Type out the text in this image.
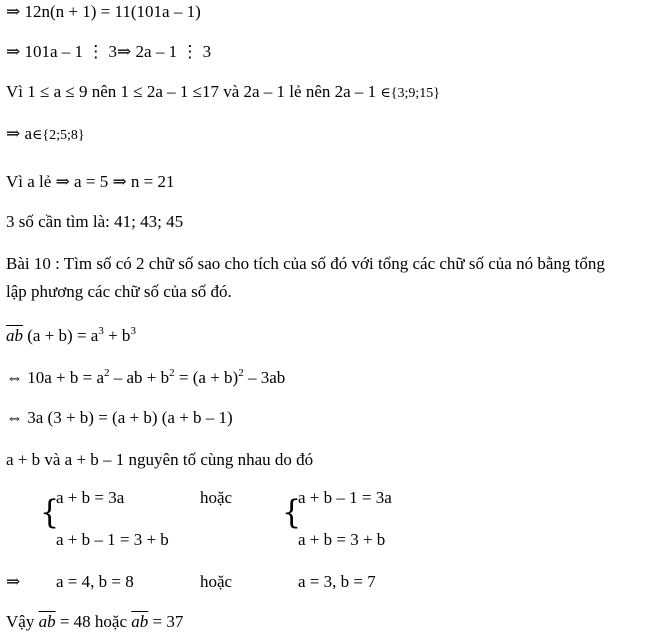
⇒ 12n(n + 1) = 11(101a – 1)
⇒ 101a – 1 ⋮ 3⇒ 2a – 1 ⋮ 3
Vì 1 ≤ a ≤ 9 nên 1 ≤ 2a – 1 ≤17 và 2a – 1 lẻ nên 2a – 1 ∈{3;9;15}
⇒ a∈{2;5;8}
Vì a lẻ ⇒ a = 5 ⇒ n = 21
3 số cần tìm là: 41; 43; 45
Bài 10 : Tìm số có 2 chữ số sao cho tích của số đó với tổng các chữ số của nó bằng tổng
lập phương các chữ số của số đó.
$\overline{ab}$ $(a + b) = a^3 + b^3$
⇔ $10a + b = a^2$ – ab + $b^2 = (a + b)^2 - 3ab$
⇔ 3a (3 + b) = (a + b) (a + b – 1)
a + b và a + b – 1 nguyên tố cùng nhau do đó
{
a + b = 3a
a + b – 1 = 3 + b
hoặc {
a + b – 1 = 3a
a + b = 3 + b
⇒ a = 4, b = 8	hoặc	a = 3, b = 7
Vậy $\overline{ab} = 48$ hoặc $\overline{ab} = 37$
